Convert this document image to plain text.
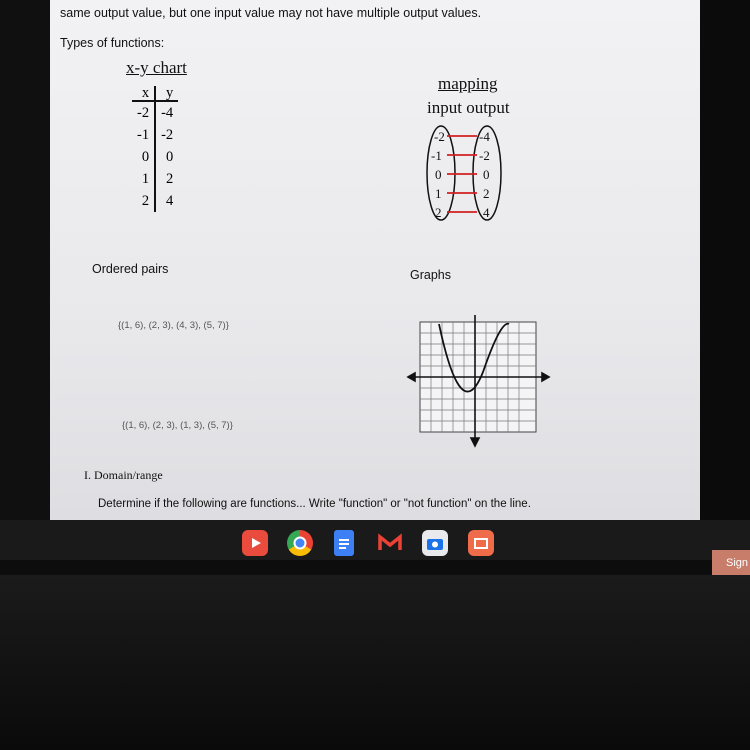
same output value, but one input value may not have multiple output values.
Types of functions:
x-y chart
x	y
-2	-4
-1	-2
0	0
1	2
2	4
mapping
input output
-2
-1
0
1
2
-4
-2
0
2
4
Ordered pairs	Graphs
{(1, 6), (2, 3), (4, 3), (5, 7)}
{(1, 6), (2, 3), (1, 3), (5, 7)}
I. Domain/range
Determine if the following are functions... Write "function" or "not function" on the line.
Sign
